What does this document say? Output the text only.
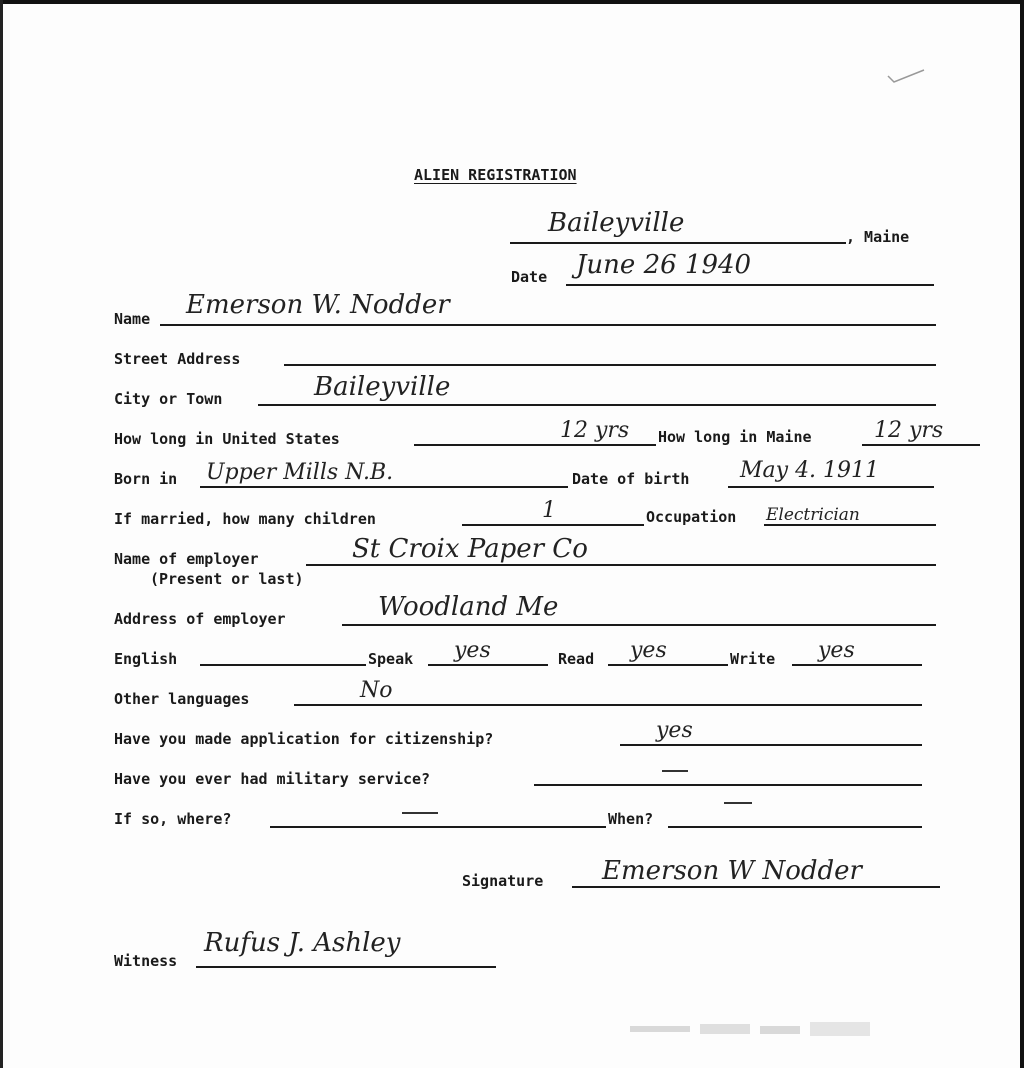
ALIEN REGISTRATION
Baileyville	, Maine
Date June 26 1940
Name Emerson W. Nodder
Street Address
City or Town	Baileyville
How long in United States	12 yrs How long in Maine	12 yrs
Born in Upper Mills N.B.	Date of birth May 4. 1911
If married, how many children	1	Occupation Electrician
Name of employer
(Present or last)
St Croix Paper Co
Address of employer	Woodland Me
English	Speak yes	Read yes	Write yes
Other languages	No
Have you made application for citizenship?	yes
Have you ever had military service?
If so, where?	When?
Signature Emerson W Nodder
Witness
Rufus J. Ashley
